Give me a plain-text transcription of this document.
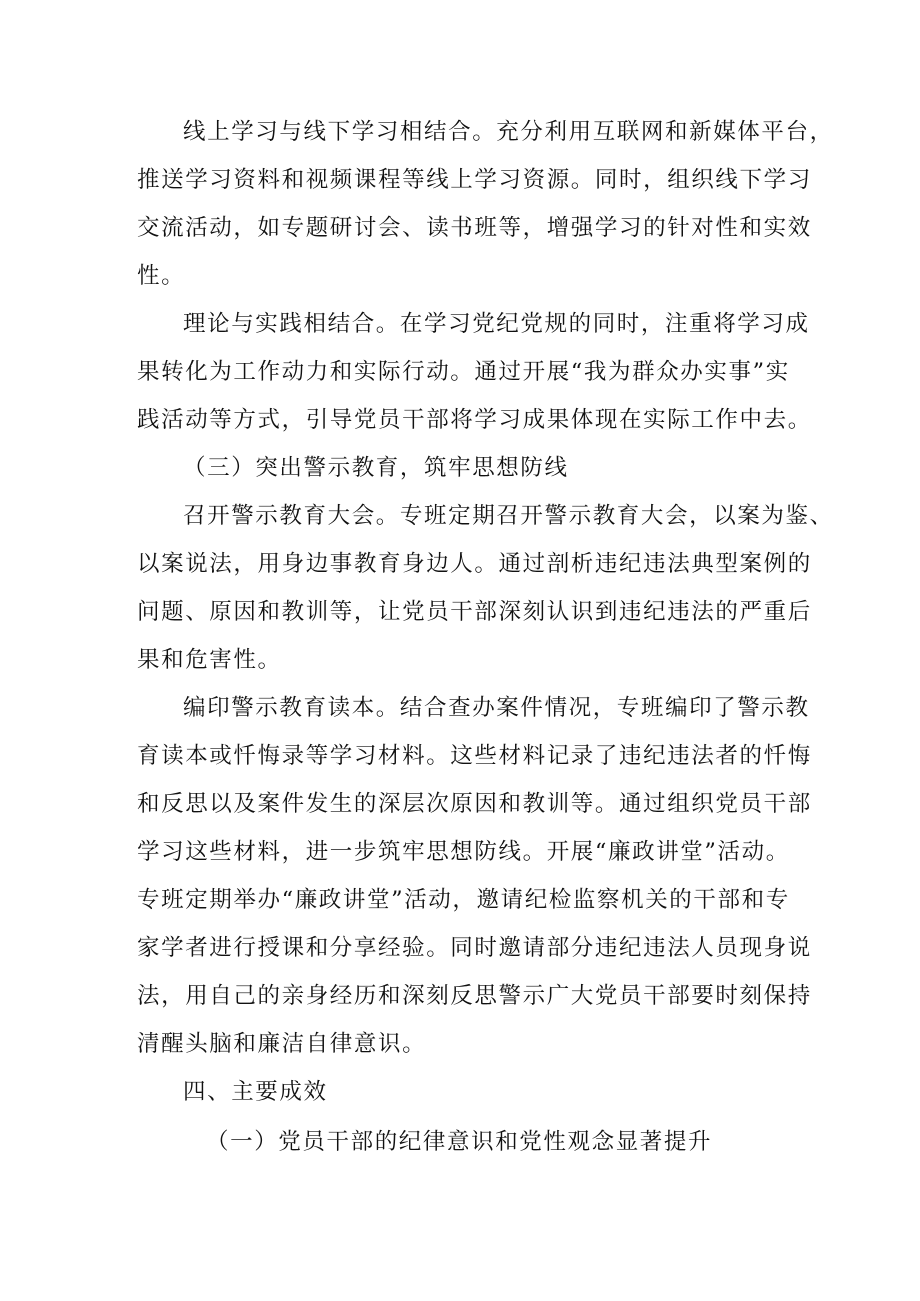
线上学习与线下学习相结合。充分利用互联网和新媒体平台，
推送学习资料和视频课程等线上学习资源。同时，组织线下学习
交流活动，如专题研讨会、读书班等，增强学习的针对性和实效
性。
理论与实践相结合。在学习党纪党规的同时，注重将学习成
果转化为工作动力和实际行动。通过开展“我为群众办实事”实
践活动等方式，引导党员干部将学习成果体现在实际工作中去。
（三）突出警示教育，筑牢思想防线
召开警示教育大会。专班定期召开警示教育大会，以案为鉴、
以案说法，用身边事教育身边人。通过剖析违纪违法典型案例的
问题、原因和教训等，让党员干部深刻认识到违纪违法的严重后
果和危害性。
编印警示教育读本。结合查办案件情况，专班编印了警示教
育读本或忏悔录等学习材料。这些材料记录了违纪违法者的忏悔
和反思以及案件发生的深层次原因和教训等。通过组织党员干部
学习这些材料，进一步筑牢思想防线。开展“廉政讲堂”活动。
专班定期举办“廉政讲堂”活动，邀请纪检监察机关的干部和专
家学者进行授课和分享经验。同时邀请部分违纪违法人员现身说
法，用自己的亲身经历和深刻反思警示广大党员干部要时刻保持
清醒头脑和廉洁自律意识。
四、主要成效
（一）党员干部的纪律意识和党性观念显著提升
